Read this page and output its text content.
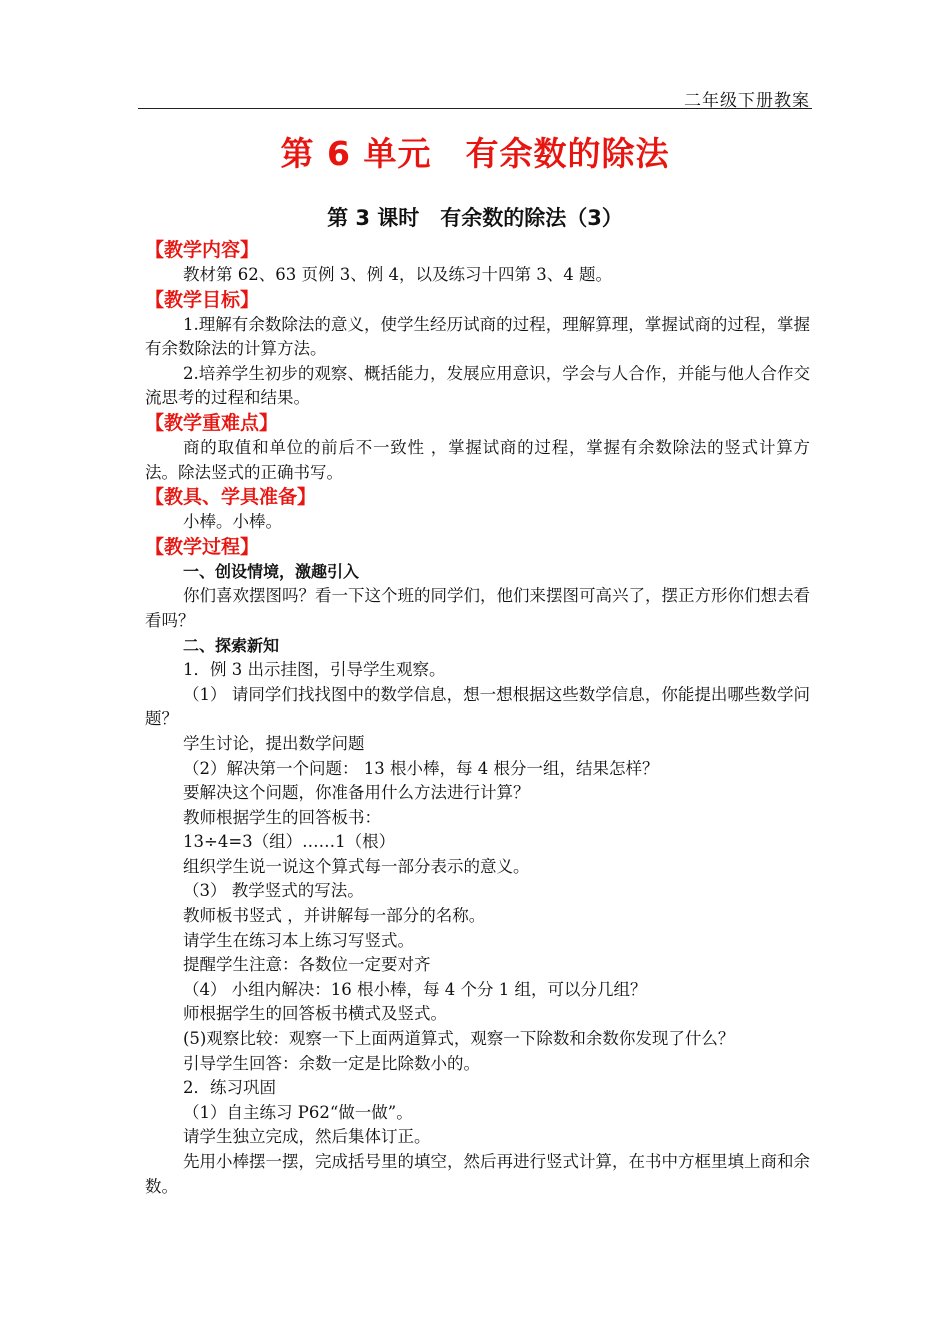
二年级下册教案
第 6 单元　有余数的除法
第 3 课时　有余数的除法（3）
【教学内容】

教材第 62、63 页例 3、例 4，以及练习十四第 3、4 题。

【教学目标】

1.理解有余数除法的意义，使学生经历试商的过程，理解算理，掌握试商的过程，掌握有余数除法的计算方法。

2.培养学生初步的观察、概括能力，发展应用意识，学会与人合作，并能与他人合作交流思考的过程和结果。

【教学重难点】

商的取值和单位的前后不一致性 ，掌握试商的过程，掌握有余数除法的竖式计算方法。除法竖式的正确书写。

【教具、学具准备】

小棒。小棒。

【教学过程】

一、创设情境，激趣引入

你们喜欢摆图吗？看一下这个班的同学们，他们来摆图可高兴了，摆正方形你们想去看看吗？

二、探索新知

1．例 3 出示挂图，引导学生观察。

（1） 请同学们找找图中的数学信息，想一想根据这些数学信息，你能提出哪些数学问题？

学生讨论，提出数学问题

（2）解决第一个问题： 13 根小棒，每 4 根分一组，结果怎样？

要解决这个问题，你准备用什么方法进行计算？

教师根据学生的回答板书：

13÷4=3（组）……1（根）

组织学生说一说这个算式每一部分表示的意义。

（3） 教学竖式的写法。

教师板书竖式 ，并讲解每一部分的名称。

请学生在练习本上练习写竖式。

提醒学生注意：各数位一定要对齐

（4） 小组内解决：16 根小棒，每 4 个分 1 组，可以分几组？

师根据学生的回答板书横式及竖式。

(5)观察比较：观察一下上面两道算式，观察一下除数和余数你发现了什么？

引导学生回答：余数一定是比除数小的。

2．练习巩固

（1）自主练习 P62“做一做”。

请学生独立完成，然后集体订正。

先用小棒摆一摆，完成括号里的填空，然后再进行竖式计算，在书中方框里填上商和余数。
